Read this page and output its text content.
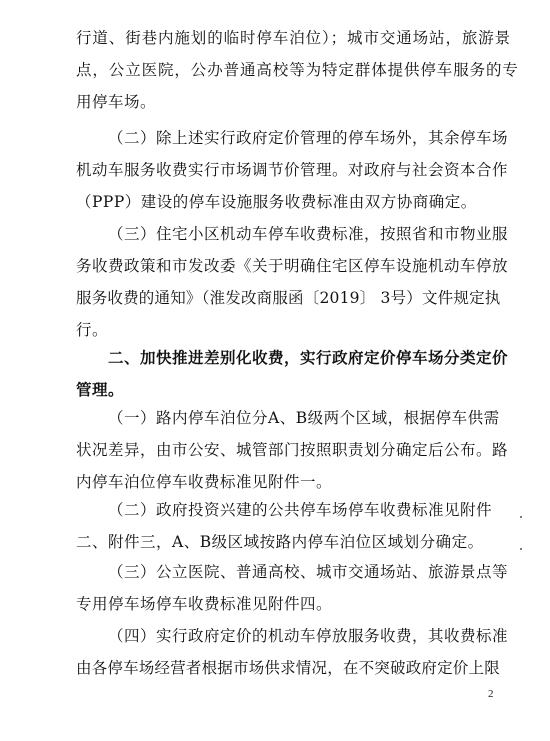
行道、街巷内施划的临时停车泊位）；城市交通场站，旅游景
点，公立医院，公办普通高校等为特定群体提供停车服务的专
用停车场。
（二）除上述实行政府定价管理的停车场外，其余停车场
机动车服务收费实行市场调节价管理。对政府与社会资本合作
（PPP）建设的停车设施服务收费标准由双方协商确定。
（三）住宅小区机动车停车收费标准，按照省和市物业服
务收费政策和市发改委《关于明确住宅区停车设施机动车停放
服务收费的通知》（淮发改商服函〔2019〕 3号）文件规定执
行。
二、加快推进差别化收费，实行政府定价停车场分类定价
管理。
（一）路内停车泊位分A、B级两个区域，根据停车供需
状况差异，由市公安、城管部门按照职责划分确定后公布。路
内停车泊位停车收费标准见附件一。
（二）政府投资兴建的公共停车场停车收费标准见附件
二、附件三，A、B级区域按路内停车泊位区域划分确定。
（三）公立医院、普通高校、城市交通场站、旅游景点等
专用停车场停车收费标准见附件四。
（四）实行政府定价的机动车停放服务收费，其收费标准
由各停车场经营者根据市场供求情况，在不突破政府定价上限
2
